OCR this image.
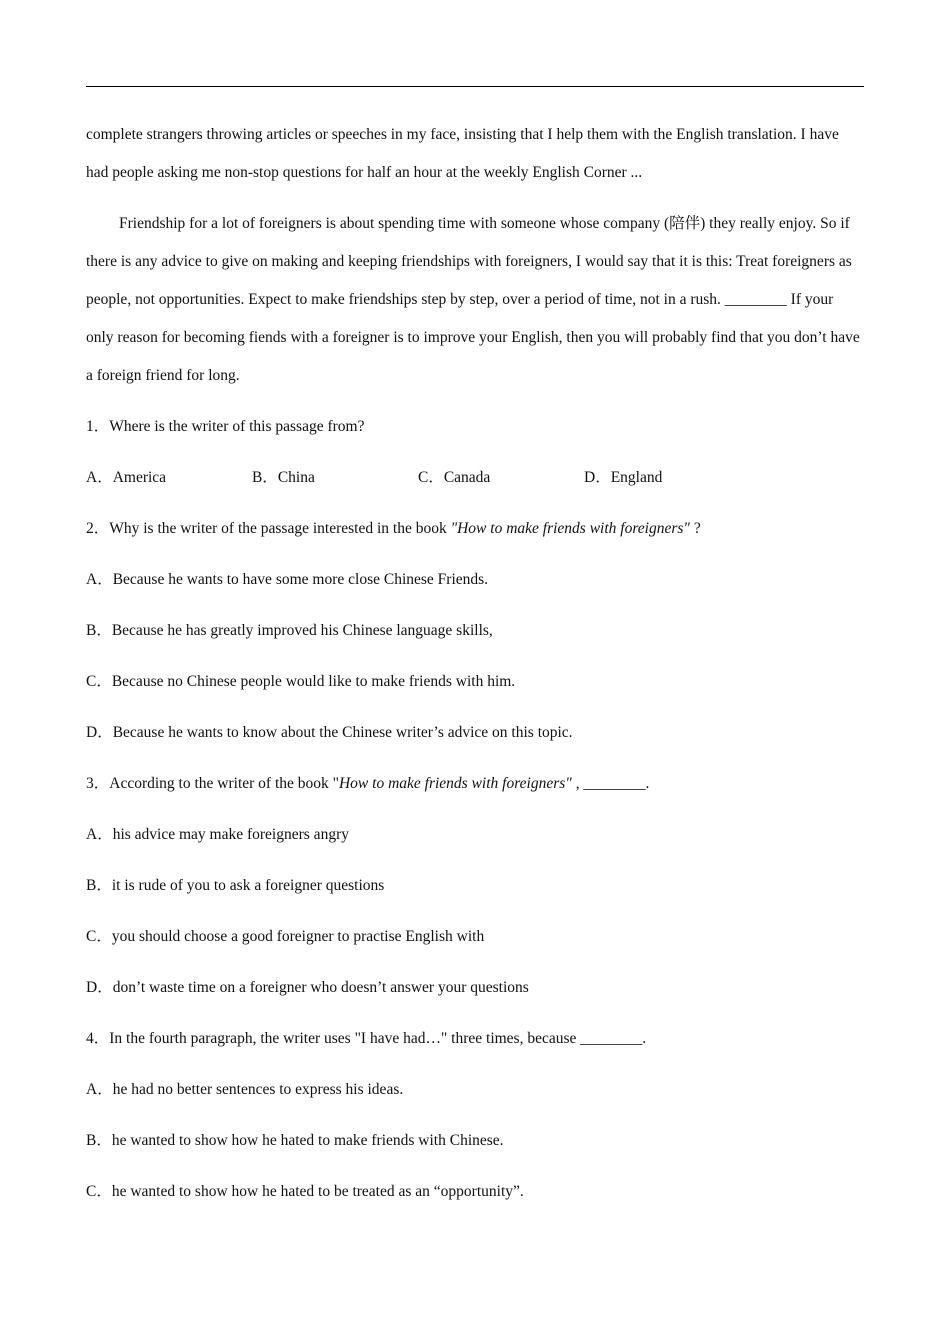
complete strangers throwing articles or speeches in my face, insisting that I help them with the English translation. I have had people asking me non-stop questions for half an hour at the weekly English Corner ...

Friendship for a lot of foreigners is about spending time with someone whose company (陪伴) they really enjoy. So if there is any advice to give on making and keeping friendships with foreigners, I would say that it is this: Treat foreigners as people, not opportunities. Expect to make friendships step by step, over a period of time, not in a rush. ________ If your only reason for becoming fiends with a foreigner is to improve your English, then you will probably find that you don’t have a foreign friend for long.

1．Where is the writer of this passage from?

A．America	B．China	C．Canada	D．England

2．Why is the writer of the passage interested in the book "How to make friends with foreigners" ?

A．Because he wants to have some more close Chinese Friends.

B．Because he has greatly improved his Chinese language skills,

C．Because no Chinese people would like to make friends with him.

D．Because he wants to know about the Chinese writer’s advice on this topic.

3．According to the writer of the book "How to make friends with foreigners" , ________.

A．his advice may make foreigners angry

B．it is rude of you to ask a foreigner questions

C．you should choose a good foreigner to practise English with

D．don’t waste time on a foreigner who doesn’t answer your questions

4．In the fourth paragraph, the writer uses "I have had…" three times, because ________.

A．he had no better sentences to express his ideas.

B．he wanted to show how he hated to make friends with Chinese.

C．he wanted to show how he hated to be treated as an “opportunity”.
